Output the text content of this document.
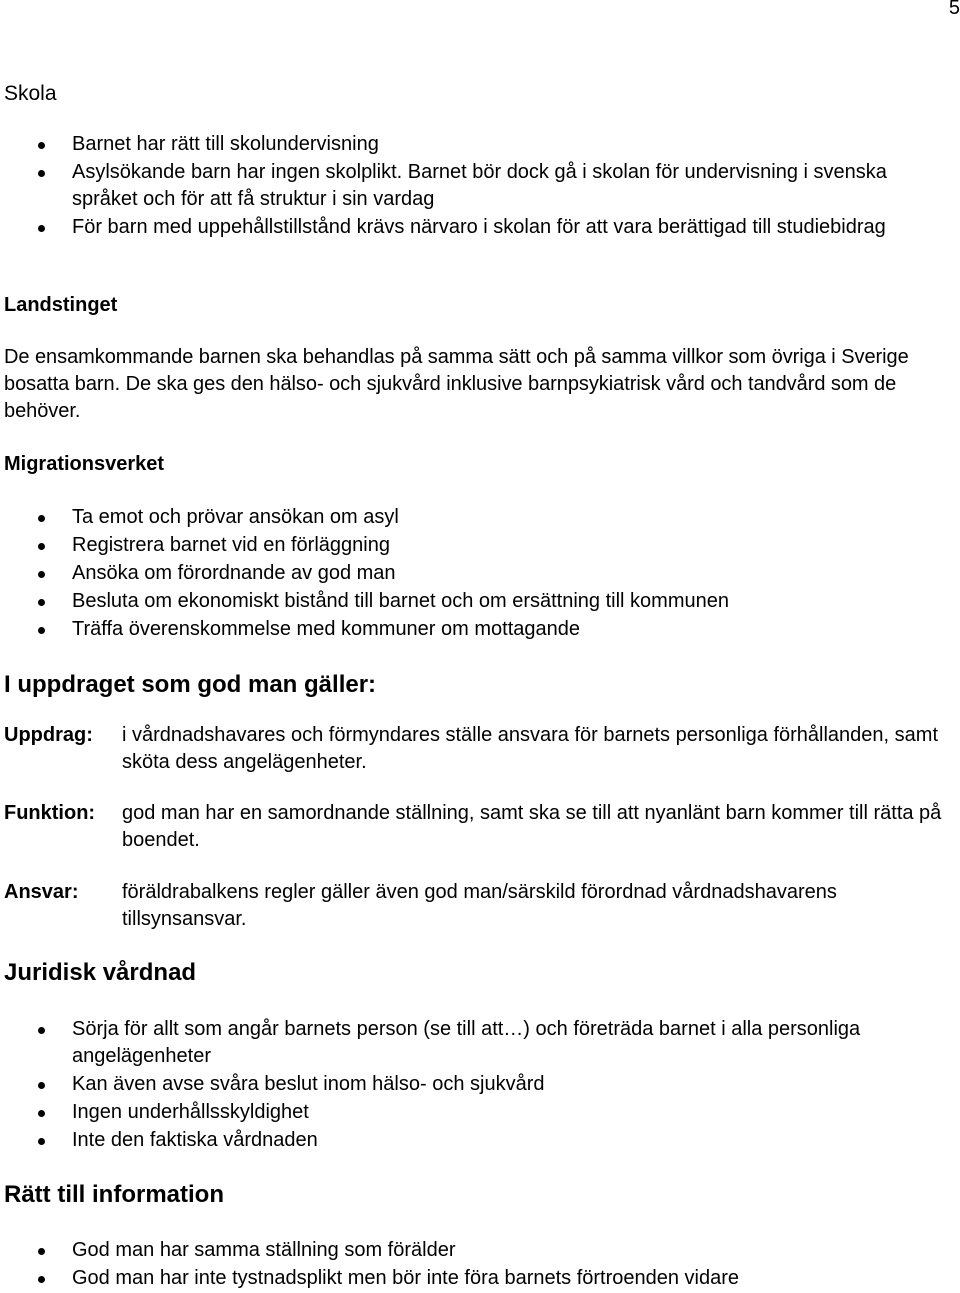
5
Skola
Barnet har rätt till skolundervisning
Asylsökande barn har ingen skolplikt. Barnet bör dock gå i skolan för undervisning i svenska språket och för att få struktur i sin vardag
För barn med uppehållstillstånd krävs närvaro i skolan för att vara berättigad till studiebidrag
Landstinget

De ensamkommande barnen ska behandlas på samma sätt och på samma villkor som övriga i Sverige bosatta barn. De ska ges den hälso- och sjukvård inklusive barnpsykiatrisk vård och tandvård som de behöver.

Migrationsverket
Ta emot och prövar ansökan om asyl
Registrera barnet vid en förläggning
Ansöka om förordnande av god man
Besluta om ekonomiskt bistånd till barnet och om ersättning till kommunen
Träffa överenskommelse med kommuner om mottagande
I uppdraget som god man gäller:
Uppdrag:	i vårdnadshavares och förmyndares ställe ansvara för barnets personliga förhållanden, samt sköta dess angelägenheter.
Funktion:	god man har en samordnande ställning, samt ska se till att nyanlänt barn kommer till rätta på boendet.
Ansvar:	föräldrabalkens regler gäller även god man/särskild förordnad vårdnadshavarens tillsynsansvar.
Juridisk vårdnad
Sörja för allt som angår barnets person (se till att…) och företräda barnet i alla personliga angelägenheter
Kan även avse svåra beslut inom hälso- och sjukvård
Ingen underhållsskyldighet
Inte den faktiska vårdnaden
Rätt till information
God man har samma ställning som förälder
God man har inte tystnadsplikt men bör inte föra barnets förtroenden vidare
